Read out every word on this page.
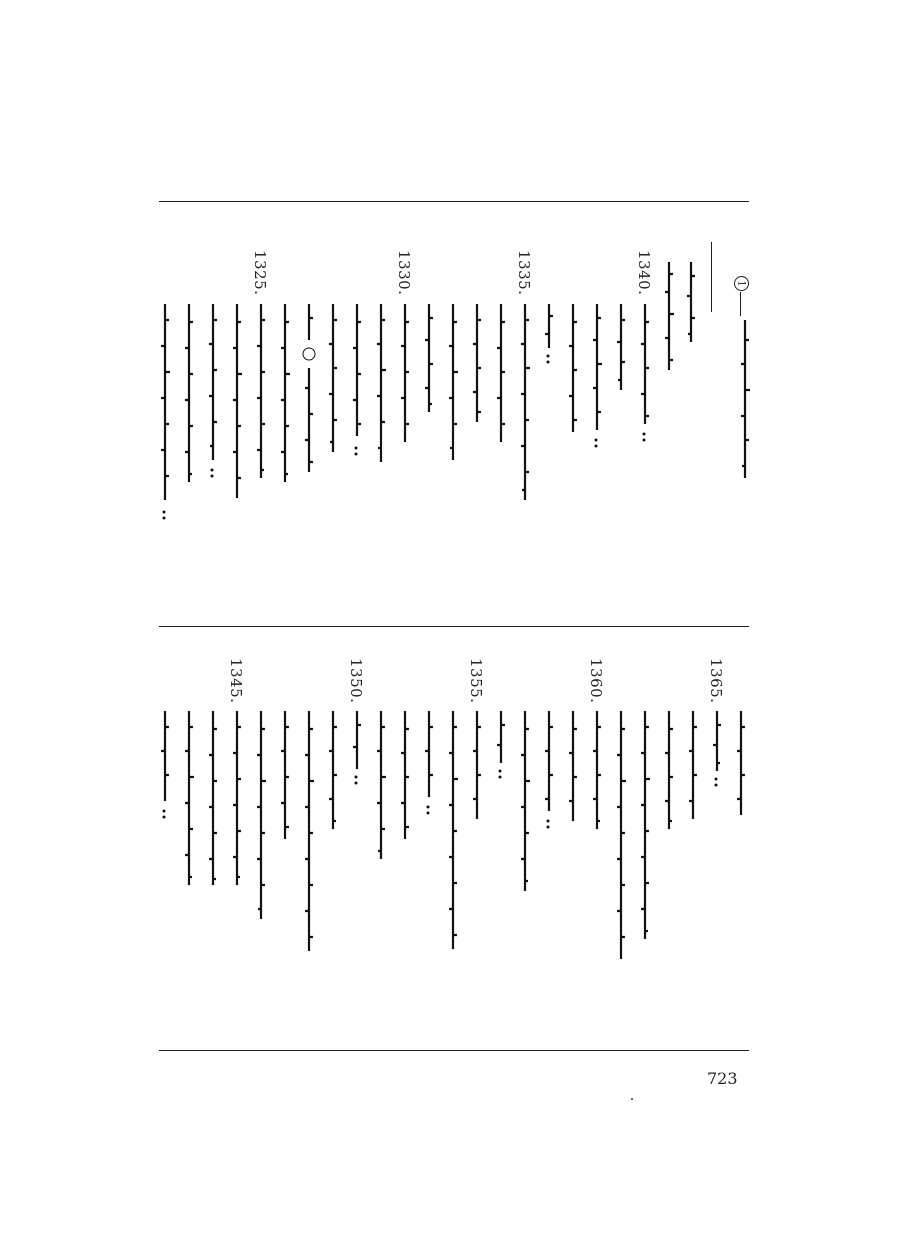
1
1340.
1335.
1330.
1325.
1365.
1360.
1355.
1350.
1345.
723
